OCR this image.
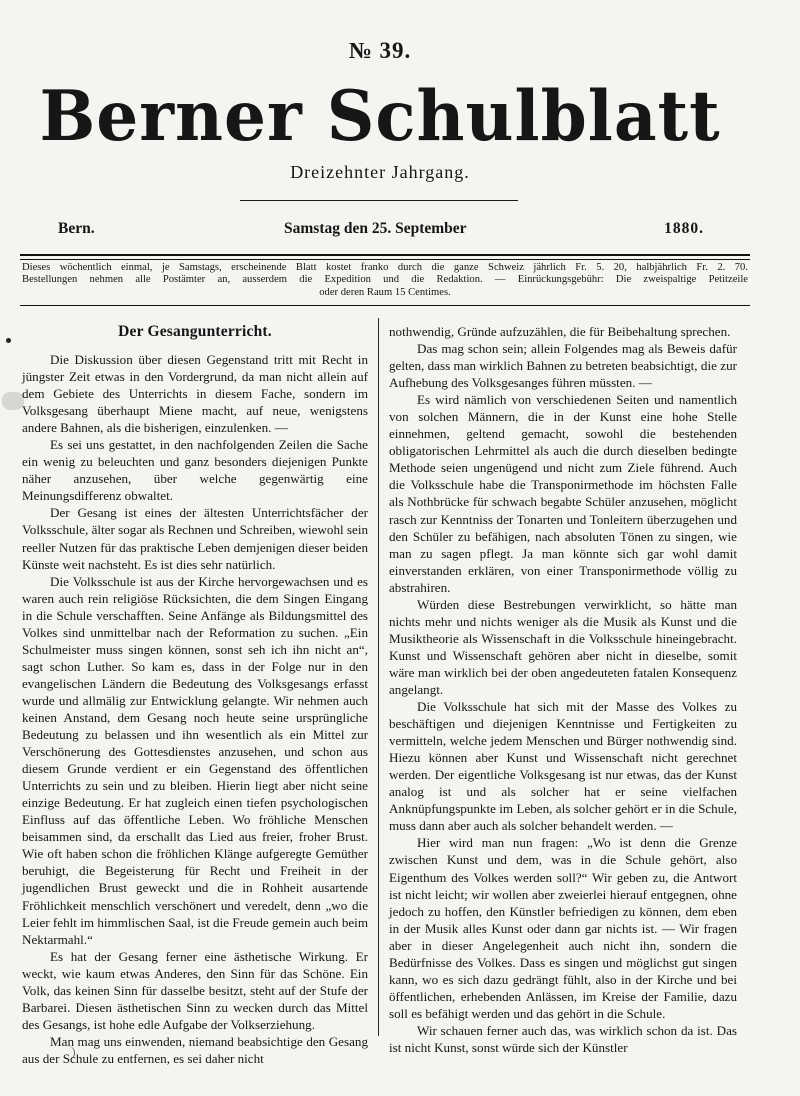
№ 39.
Berner Schulblatt
Dreizehnter Jahrgang.
Bern.	Samstag den 25. September	1880.
Dieses wöchentlich einmal, je Samstags, erscheinende Blatt kostet franko durch die ganze Schweiz jährlich Fr. 5. 20, halbjährlich Fr. 2. 70.
Bestellungen nehmen alle Postämter an, ausserdem die Expedition und die Redaktion. — Einrückungsgebühr: Die zweispaltige Petitzeile
oder deren Raum 15 Centimes.
Der Gesangunterricht.

Die Diskussion über diesen Gegenstand tritt mit Recht in jüngster Zeit etwas in den Vordergrund, da man nicht allein auf dem Gebiete des Unterrichts in diesem Fache, sondern im Volksgesang überhaupt Miene macht, auf neue, wenigstens andere Bahnen, als die bisherigen, einzulenken. —

Es sei uns gestattet, in den nachfolgenden Zeilen die Sache ein wenig zu beleuchten und ganz besonders diejenigen Punkte näher anzusehen, über welche gegenwärtig eine Meinungsdifferenz obwaltet.

Der Gesang ist eines der ältesten Unterrichtsfächer der Volksschule, älter sogar als Rechnen und Schreiben, wiewohl sein reeller Nutzen für das praktische Leben demjenigen dieser beiden Künste weit nachsteht. Es ist dies sehr natürlich.

Die Volksschule ist aus der Kirche hervorgewachsen und es waren auch rein religiöse Rücksichten, die dem Singen Eingang in die Schule verschafften. Seine Anfänge als Bildungsmittel des Volkes sind unmittelbar nach der Reformation zu suchen. „Ein Schulmeister muss singen können, sonst seh ich ihn nicht an“, sagt schon Luther. So kam es, dass in der Folge nur in den evangelischen Ländern die Bedeutung des Volksgesangs erfasst wurde und allmälig zur Entwicklung gelangte. Wir nehmen auch keinen Anstand, dem Gesang noch heute seine ursprüngliche Bedeutung zu belassen und ihn wesentlich als ein Mittel zur Verschönerung des Gottesdienstes anzusehen, und schon aus diesem Grunde verdient er ein Gegenstand des öffentlichen Unterrichts zu sein und zu bleiben. Hierin liegt aber nicht seine einzige Bedeutung. Er hat zugleich einen tiefen psychologischen Einfluss auf das öffentliche Leben. Wo fröhliche Menschen beisammen sind, da erschallt das Lied aus freier, froher Brust. Wie oft haben schon die fröhlichen Klänge aufgeregte Gemüther beruhigt, die Begeisterung für Recht und Freiheit in der jugendlichen Brust geweckt und die in Rohheit ausartende Fröhlichkeit menschlich verschönert und veredelt, denn „wo die Leier fehlt im himmlischen Saal, ist die Freude gemein auch beim Nektarmahl.“

Es hat der Gesang ferner eine ästhetische Wirkung. Er weckt, wie kaum etwas Anderes, den Sinn für das Schöne. Ein Volk, das keinen Sinn für dasselbe besitzt, steht auf der Stufe der Barbarei. Diesen ästhetischen Sinn zu wecken durch das Mittel des Gesangs, ist hohe edle Aufgabe der Volkserziehung.

Man mag uns einwenden, niemand beabsichtige den Gesang aus der Schule zu entfernen, es sei daher nicht

nothwendig, Gründe aufzuzählen, die für Beibehaltung sprechen.

Das mag schon sein; allein Folgendes mag als Beweis dafür gelten, dass man wirklich Bahnen zu betreten beabsichtigt, die zur Aufhebung des Volksgesanges führen müssten. —

Es wird nämlich von verschiedenen Seiten und namentlich von solchen Männern, die in der Kunst eine hohe Stelle einnehmen, geltend gemacht, sowohl die bestehenden obligatorischen Lehrmittel als auch die durch dieselben bedingte Methode seien ungenügend und nicht zum Ziele führend. Auch die Volksschule habe die Transponirmethode im höchsten Falle als Nothbrücke für schwach begabte Schüler anzusehen, möglicht rasch zur Kenntniss der Tonarten und Tonleitern überzugehen und den Schüler zu befähigen, nach absoluten Tönen zu singen, wie man zu sagen pflegt. Ja man könnte sich gar wohl damit einverstanden erklären, von einer Transponirmethode völlig zu abstrahiren.

Würden diese Bestrebungen verwirklicht, so hätte man nichts mehr und nichts weniger als die Musik als Kunst und die Musiktheorie als Wissenschaft in die Volksschule hineingebracht. Kunst und Wissenschaft gehören aber nicht in dieselbe, somit wäre man wirklich bei der oben angedeuteten fatalen Konsequenz angelangt.

Die Volksschule hat sich mit der Masse des Volkes zu beschäftigen und diejenigen Kenntnisse und Fertigkeiten zu vermitteln, welche jedem Menschen und Bürger nothwendig sind. Hiezu können aber Kunst und Wissenschaft nicht gerechnet werden. Der eigentliche Volksgesang ist nur etwas, das der Kunst analog ist und als solcher hat er seine vielfachen Anknüpfungspunkte im Leben, als solcher gehört er in die Schule, muss dann aber auch als solcher behandelt werden. —

Hier wird man nun fragen: „Wo ist denn die Grenze zwischen Kunst und dem, was in die Schule gehört, also Eigenthum des Volkes werden soll?“ Wir geben zu, die Antwort ist nicht leicht; wir wollen aber zweierlei hierauf entgegnen, ohne jedoch zu hoffen, den Künstler befriedigen zu können, dem eben in der Musik alles Kunst oder dann gar nichts ist. — Wir fragen aber in dieser Angelegenheit auch nicht ihn, sondern die Bedürfnisse des Volkes. Dass es singen und möglichst gut singen kann, wo es sich dazu gedrängt fühlt, also in der Kirche und bei öffentlichen, erhebenden Anlässen, im Kreise der Familie, dazu soll es befähigt werden und das gehört in die Schule.

Wir schauen ferner auch das, was wirklich schon da ist. Das ist nicht Kunst, sonst würde sich der Künstler
